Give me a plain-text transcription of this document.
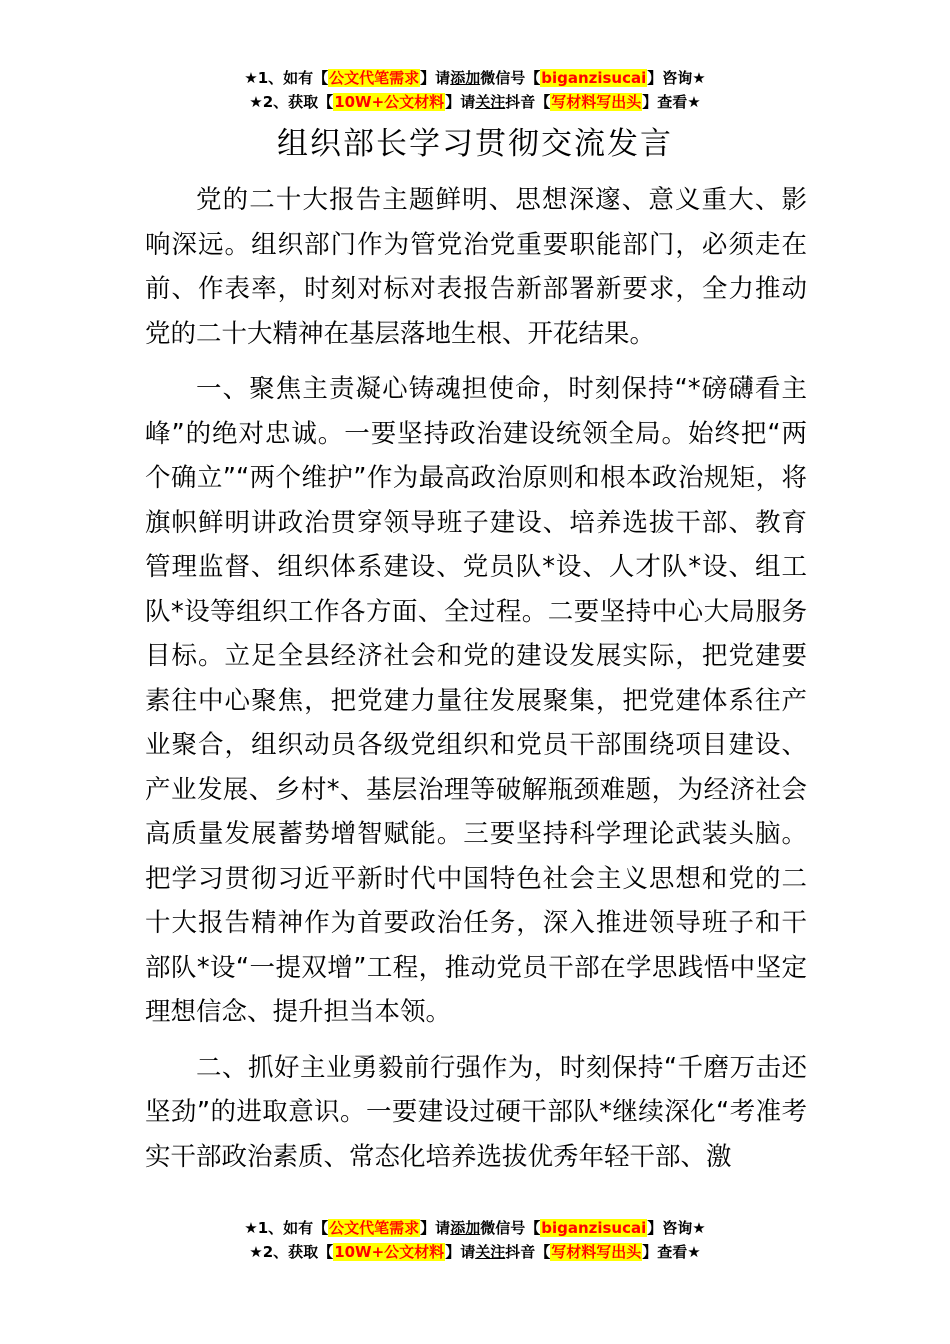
★1、如有【公文代笔需求】请添加微信号【biganzisucai】咨询★
★2、获取【10W+公文材料】请关注抖音【写材料写出头】查看★
组织部长学习贯彻交流发言

党的二十大报告主题鲜明、思想深邃、意义重大、影响深远。组织部门作为管党治党重要职能部门，必须走在前、作表率，时刻对标对表报告新部署新要求，全力推动党的二十大精神在基层落地生根、开花结果。

一、聚焦主责凝心铸魂担使命，时刻保持“*磅礴看主峰”的绝对忠诚。一要坚持政治建设统领全局。始终把“两个确立”“两个维护”作为最高政治原则和根本政治规矩，将旗帜鲜明讲政治贯穿领导班子建设、培养选拔干部、教育管理监督、组织体系建设、党员队*设、人才队*设、组工队*设等组织工作各方面、全过程。二要坚持中心大局服务目标。立足全县经济社会和党的建设发展实际，把党建要素往中心聚焦，把党建力量往发展聚集，把党建体系往产业聚合，组织动员各级党组织和党员干部围绕项目建设、产业发展、乡村*、基层治理等破解瓶颈难题，为经济社会高质量发展蓄势增智赋能。三要坚持科学理论武装头脑。把学习贯彻习近平新时代中国特色社会主义思想和党的二十大报告精神作为首要政治任务，深入推进领导班子和干部队*设“一提双增”工程，推动党员干部在学思践悟中坚定理想信念、提升担当本领。

二、抓好主业勇毅前行强作为，时刻保持“千磨万击还坚劲”的进取意识。一要建设过硬干部队*继续深化“考准考实干部政治素质、常态化培养选拔优秀年轻干部、激

★1、如有【公文代笔需求】请添加微信号【biganzisucai】咨询★
★2、获取【10W+公文材料】请关注抖音【写材料写出头】查看★
